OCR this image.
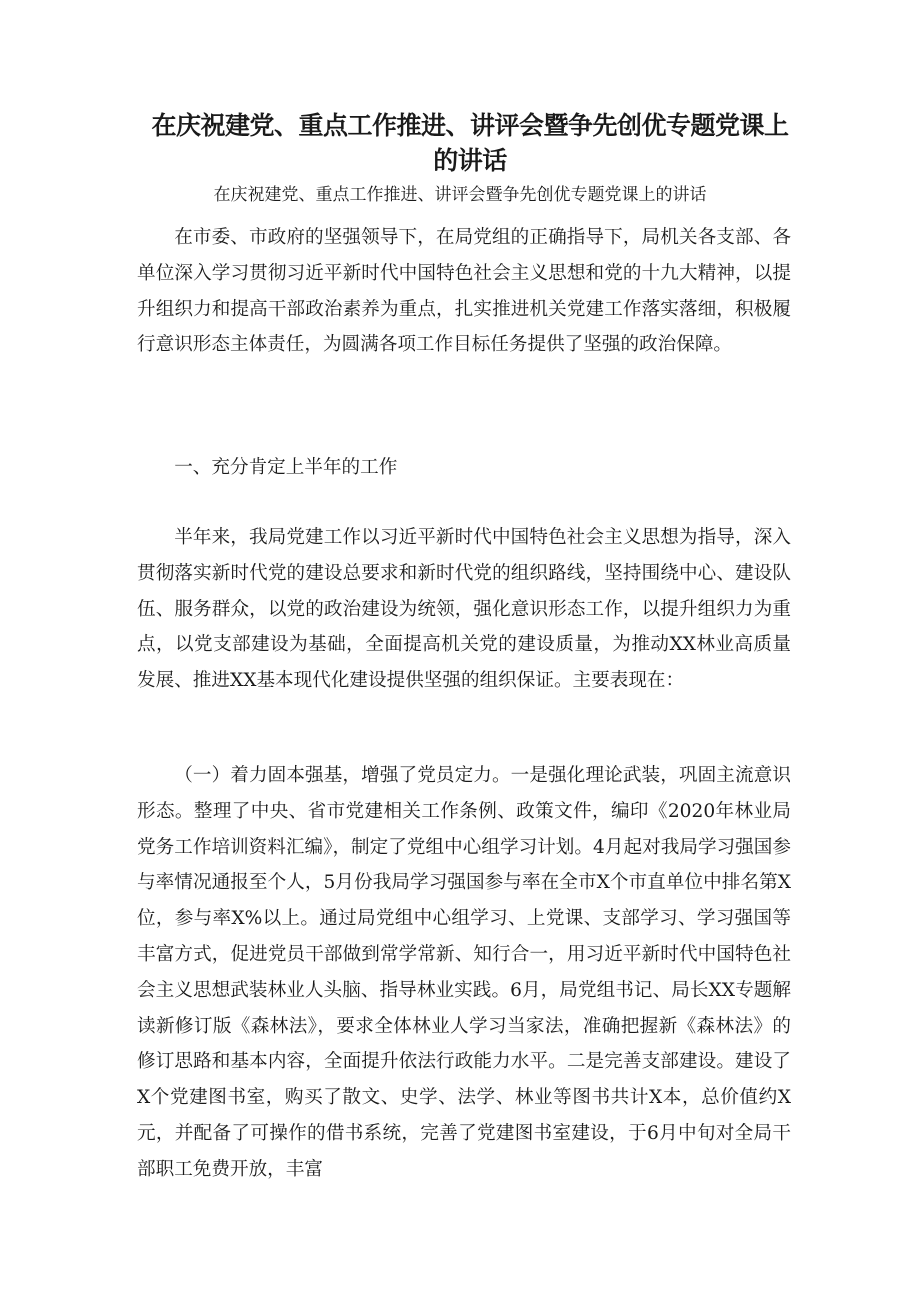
在庆祝建党、重点工作推进、讲评会暨争先创优专题党课上的讲话

在庆祝建党、重点工作推进、讲评会暨争先创优专题党课上的讲话

在市委、市政府的坚强领导下，在局党组的正确指导下，局机关各支部、各单位深入学习贯彻习近平新时代中国特色社会主义思想和党的十九大精神，以提升组织力和提高干部政治素养为重点，扎实推进机关党建工作落实落细，积极履行意识形态主体责任，为圆满各项工作目标任务提供了坚强的政治保障。

一、充分肯定上半年的工作

半年来，我局党建工作以习近平新时代中国特色社会主义思想为指导，深入贯彻落实新时代党的建设总要求和新时代党的组织路线，坚持围绕中心、建设队伍、服务群众，以党的政治建设为统领，强化意识形态工作，以提升组织力为重点，以党支部建设为基础，全面提高机关党的建设质量，为推动XX林业高质量发展、推进XX基本现代化建设提供坚强的组织保证。主要表现在：

（一）着力固本强基，增强了党员定力。一是强化理论武装，巩固主流意识形态。整理了中央、省市党建相关工作条例、政策文件，编印《2020年林业局党务工作培训资料汇编》，制定了党组中心组学习计划。4月起对我局学习强国参与率情况通报至个人，5月份我局学习强国参与率在全市X个市直单位中排名第X位，参与率X%以上。通过局党组中心组学习、上党课、支部学习、学习强国等丰富方式，促进党员干部做到常学常新、知行合一，用习近平新时代中国特色社会主义思想武装林业人头脑、指导林业实践。6月，局党组书记、局长XX专题解读新修订版《森林法》，要求全体林业人学习当家法，准确把握新《森林法》的修订思路和基本内容，全面提升依法行政能力水平。二是完善支部建设。建设了X个党建图书室，购买了散文、史学、法学、林业等图书共计X本，总价值约X元，并配备了可操作的借书系统，完善了党建图书室建设，于6月中旬对全局干部职工免费开放，丰富
